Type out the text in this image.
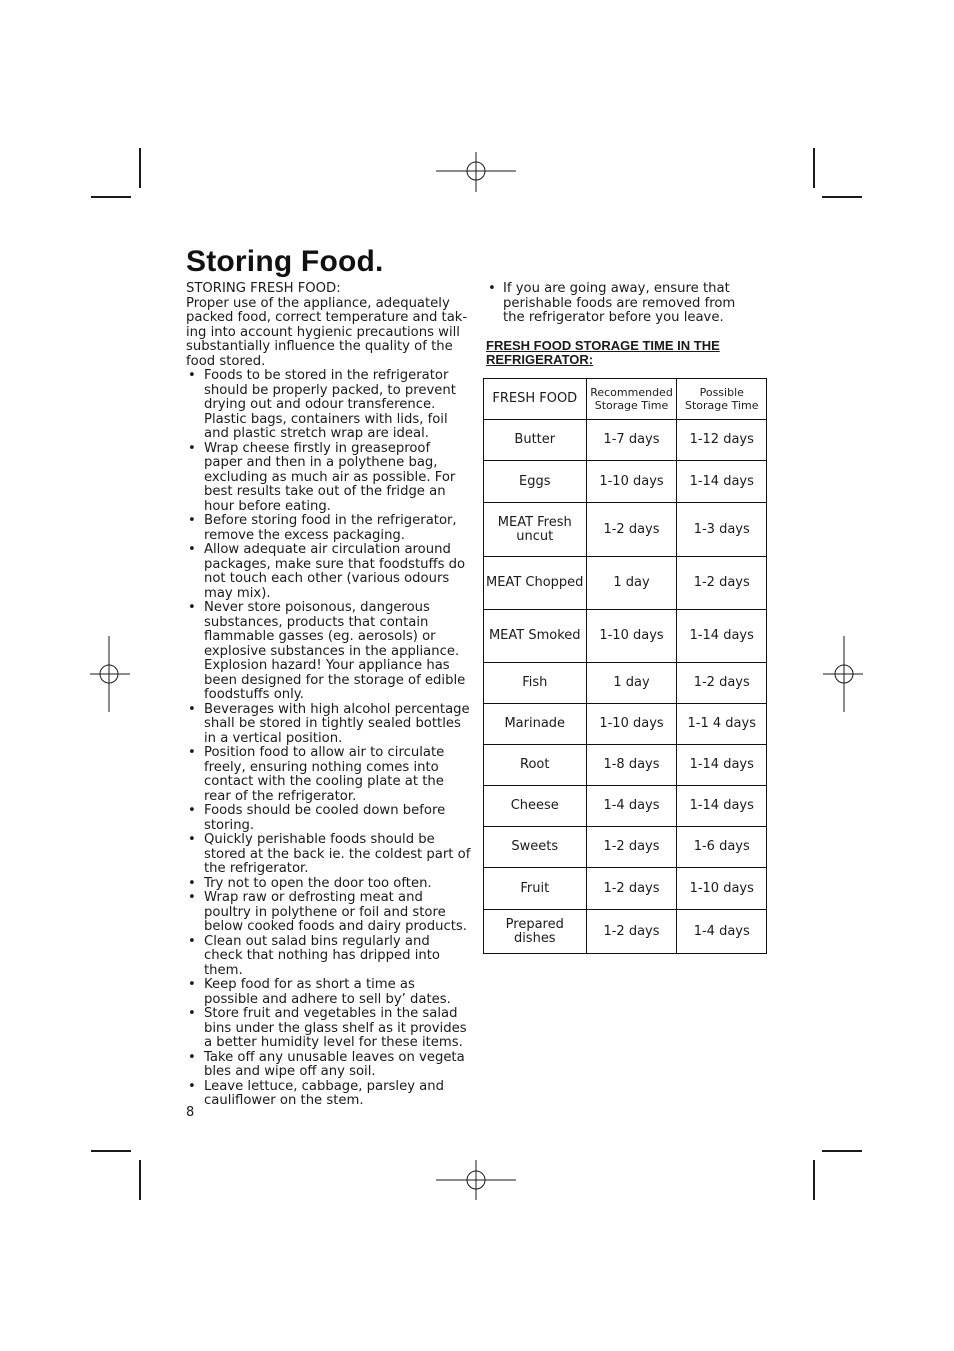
Storing Food.

STORING FRESH FOOD:

Proper use of the appliance, adequately packed food, correct temperature and tak-ing into account hygienic precautions will substantially influence the quality of the food stored.

• Foods to be stored in the refrigerator should be properly packed, to prevent drying out and odour transference. Plastic bags, containers with lids, foil and plastic stretch wrap are ideal.
• Wrap cheese firstly in greaseproof paper and then in a polythene bag, excluding as much air as possible. For best results take out of the fridge an hour before eating.
• Before storing food in the refrigerator, remove the excess packaging.
• Allow adequate air circulation around packages, make sure that foodstuffs do not touch each other (various odours may mix).
• Never store poisonous, dangerous substances, products that contain flammable gasses (eg. aerosols) or explosive substances in the appliance. Explosion hazard! Your appliance has been designed for the storage of edible foodstuffs only.
• Beverages with high alcohol percentage shall be stored in tightly sealed bottles in a vertical position.
• Position food to allow air to circulate freely, ensuring nothing comes into contact with the cooling plate at the rear of the refrigerator.
• Foods should be cooled down before storing.
• Quickly perishable foods should be stored at the back ie. the coldest part of the refrigerator.
• Try not to open the door too often.
• Wrap raw or defrosting meat and poultry in polythene or foil and store below cooked foods and dairy products.
• Clean out salad bins regularly and check that nothing has dripped into them.
• Keep food for as short a time as possible and adhere to sell by’ dates.
• Store fruit and vegetables in the salad bins under the glass shelf as it provides a better humidity level for these items.
• Take off any unusable leaves on vegeta bles and wipe off any soil.
• Leave lettuce, cabbage, parsley and cauliflower on the stem.
• If you are going away, ensure that perishable foods are removed from the refrigerator before you leave.
FRESH FOOD STORAGE TIME IN THE REFRIGERATOR:
FRESH FOOD	Recommended Storage Time	Possible Storage Time
Butter	1-7 days	1-12 days
Eggs	1-10 days	1-14 days
MEAT Fresh uncut	1-2 days	1-3 days
MEAT Chopped	1 day	1-2 days
MEAT Smoked	1-10 days	1-14 days
Fish	1 day	1-2 days
Marinade	1-10 days	1-1 4 days
Root	1-8 days	1-14 days
Cheese	1-4 days	1-14 days
Sweets	1-2 days	1-6 days
Fruit	1-2 days	1-10 days
Prepared dishes	1-2 days	1-4 days
8
